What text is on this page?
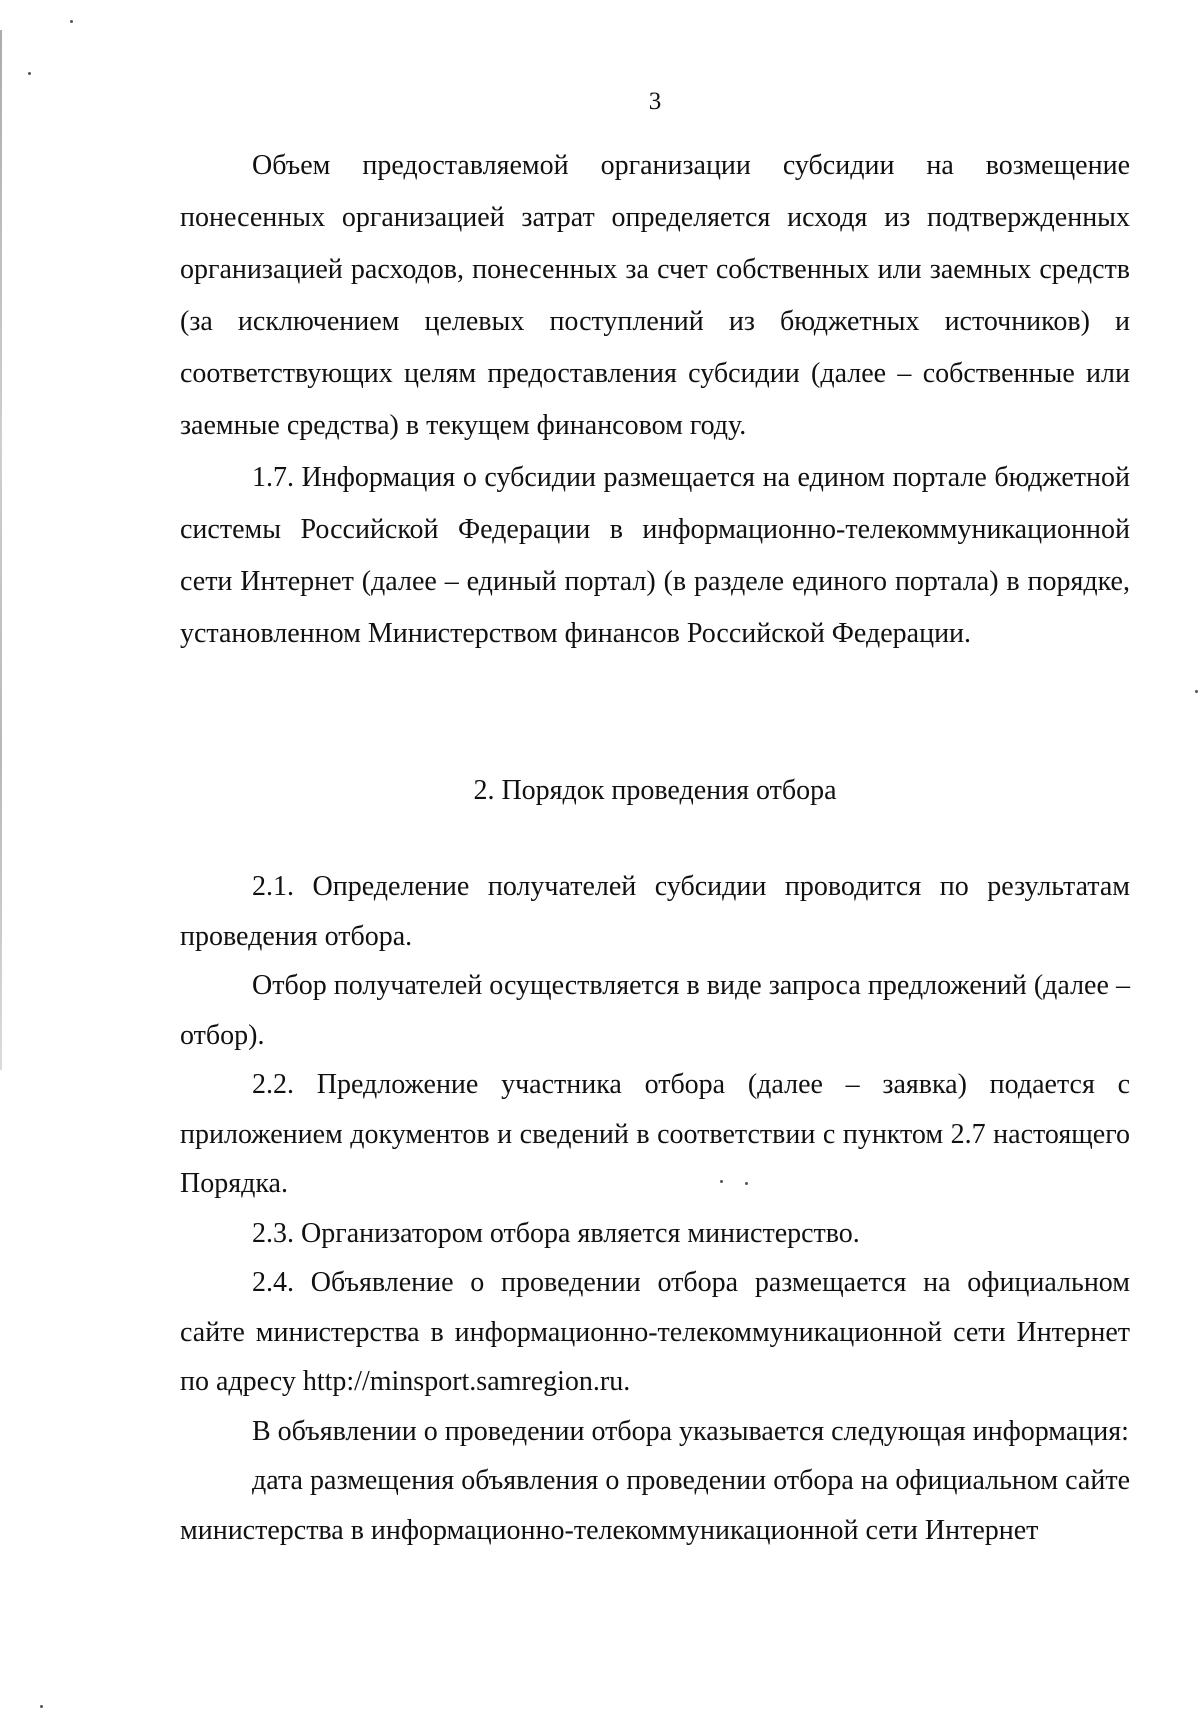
3

Объем предоставляемой организации субсидии на возмещение понесенных организацией затрат определяется исходя из подтвержденных организацией расходов, понесенных за счет собственных или заемных средств (за исключением целевых поступлений из бюджетных источников) и соответствующих целям предоставления субсидии (далее – собственные или заемные средства) в текущем финансовом году.

1.7. Информация о субсидии размещается на едином портале бюджетной системы Российской Федерации в информационно-телекоммуникационной сети Интернет (далее – единый портал) (в разделе единого портала) в порядке, установленном Министерством финансов Российской Федерации.

2. Порядок проведения отбора

2.1. Определение получателей субсидии проводится по результатам проведения отбора.

Отбор получателей осуществляется в виде запроса предложений (далее – отбор).

2.2. Предложение участника отбора (далее – заявка) подается с приложением документов и сведений в соответствии с пунктом 2.7 настоящего Порядка.

2.3. Организатором отбора является министерство.

2.4. Объявление о проведении отбора размещается на официальном сайте министерства в информационно-телекоммуникационной сети Интернет по адресу http://minsport.samregion.ru.

В объявлении о проведении отбора указывается следующая информация:

дата размещения объявления о проведении отбора на официальном сайте министерства в информационно-телекоммуникационной сети Интернет
